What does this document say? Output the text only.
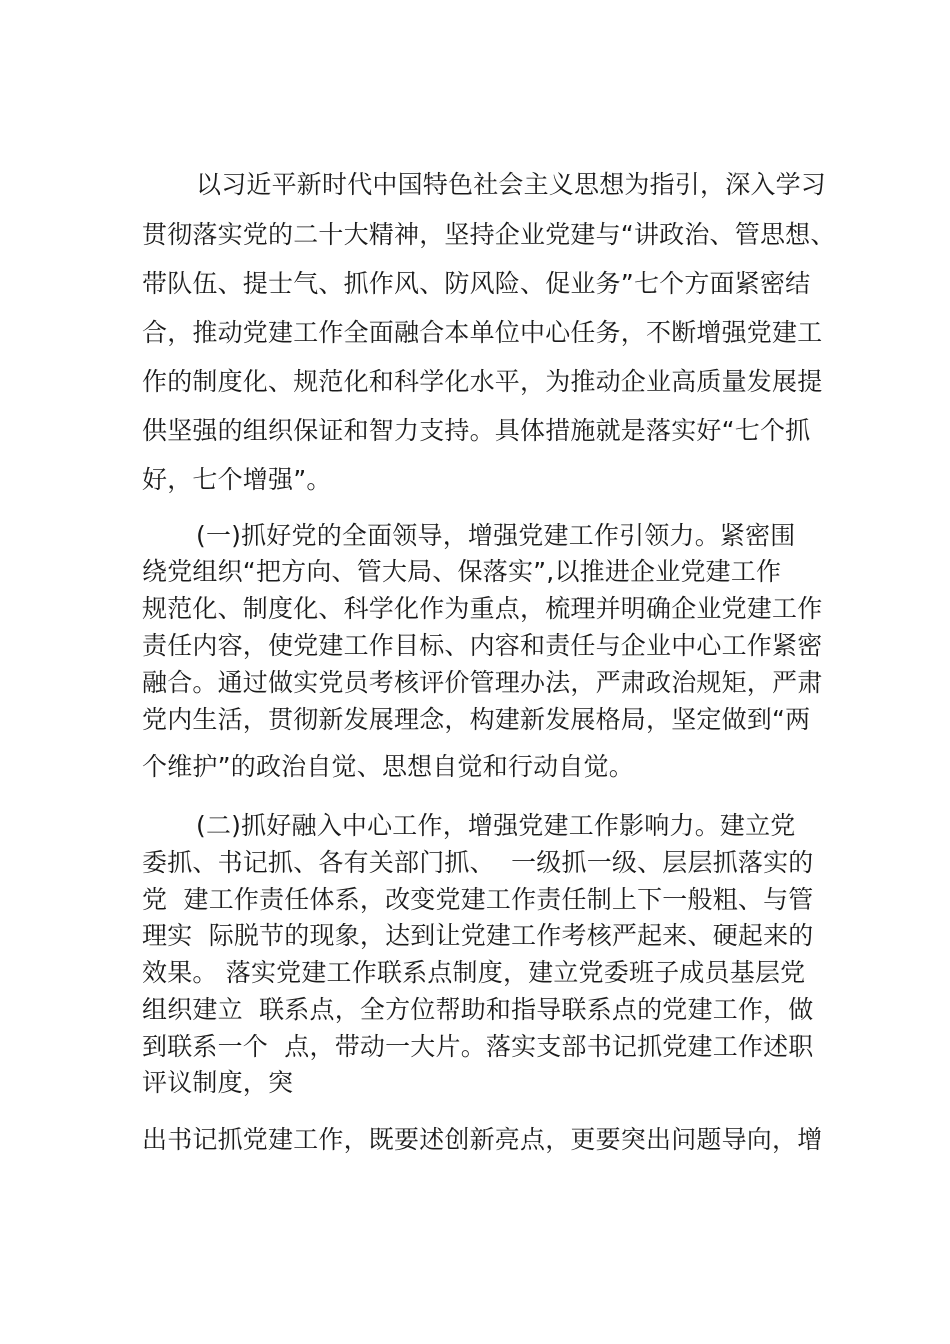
以习近平新时代中国特色社会主义思想为指引，深入学习
贯彻落实党的二十大精神，坚持企业党建与“讲政治、管思想、
带队伍、提士气、抓作风、防风险、促业务”七个方面紧密结
合，推动党建工作全面融合本单位中心任务，不断增强党建工
作的制度化、规范化和科学化水平，为推动企业高质量发展提
供坚强的组织保证和智力支持。具体措施就是落实好“七个抓
好，七个增强”。
(一)抓好党的全面领导，增强党建工作引领力。紧密围
绕党组织“把方向、管大局、保落实”,以推进企业党建工作
规范化、制度化、科学化作为重点，梳理并明确企业党建工作
责任内容，使党建工作目标、内容和责任与企业中心工作紧密
融合。通过做实党员考核评价管理办法，严肃政治规矩，严肃
党内生活，贯彻新发展理念，构建新发展格局，坚定做到“两
个维护”的政治自觉、思想自觉和行动自觉。
(二)抓好融入中心工作，增强党建工作影响力。建立党
委抓、书记抓、各有关部门抓、  一级抓一级、层层抓落实的
党  建工作责任体系，改变党建工作责任制上下一般粗、与管
理实  际脱节的现象，达到让党建工作考核严起来、硬起来的
效果。 落实党建工作联系点制度，建立党委班子成员基层党
组织建立  联系点，全方位帮助和指导联系点的党建工作，做
到联系一个  点，带动一大片。落实支部书记抓党建工作述职
评议制度，突
出书记抓党建工作，既要述创新亮点，更要突出问题导向，增
